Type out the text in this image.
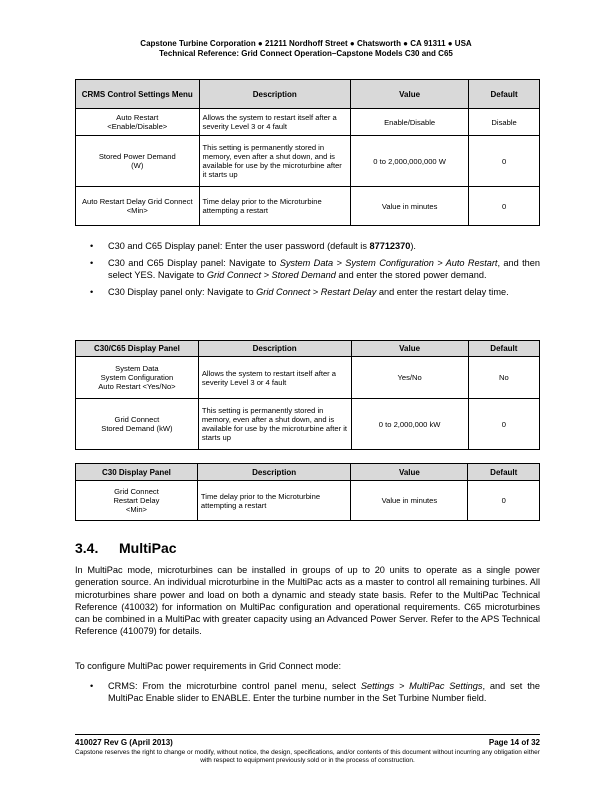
Capstone Turbine Corporation ● 21211 Nordhoff Street ● Chatsworth ● CA 91311 ● USA
Technical Reference: Grid Connect Operation–Capstone Models C30 and C65
CRMS Control Settings Menu	Description	Value	Default
Auto Restart
<Enable/Disable>	Allows the system to restart itself after a severity Level 3 or 4 fault	Enable/Disable	Disable
Stored Power Demand
(W)	This setting is permanently stored in memory, even after a shut down, and is available for use by the microturbine after it starts up	0 to 2,000,000,000 W	0
Auto Restart Delay Grid Connect
<Min>	Time delay prior to the Microturbine attempting a restart	Value in minutes	0
• C30 and C65 Display panel: Enter the user password (default is 87712370).
• C30 and C65 Display panel: Navigate to System Data > System Configuration > Auto Restart, and then select YES. Navigate to Grid Connect > Stored Demand and enter the stored power demand.
• C30 Display panel only: Navigate to Grid Connect > Restart Delay and enter the restart delay time.
C30/C65 Display Panel	Description	Value	Default
System Data
System Configuration
Auto Restart <Yes/No>	Allows the system to restart itself after a severity Level 3 or 4 fault	Yes/No	No
Grid Connect
Stored Demand (kW)	This setting is permanently stored in memory, even after a shut down, and is available for use by the microturbine after it starts up	0 to 2,000,000 kW	0
C30 Display Panel	Description	Value	Default
Grid Connect
Restart Delay
<Min>	Time delay prior to the Microturbine attempting a restart	Value in minutes	0
3.4. MultiPac

In MultiPac mode, microturbines can be installed in groups of up to 20 units to operate as a single power generation source. An individual microturbine in the MultiPac acts as a master to control all remaining turbines. All microturbines share power and load on both a dynamic and steady state basis. Refer to the MultiPac Technical Reference (410032) for information on MultiPac configuration and operational requirements. C65 microturbines can be combined in a MultiPac with greater capacity using an Advanced Power Server. Refer to the APS Technical Reference (410079) for details.

To configure MultiPac power requirements in Grid Connect mode:

• CRMS: From the microturbine control panel menu, select Settings > MultiPac Settings, and set the MultiPac Enable slider to ENABLE. Enter the turbine number in the Set Turbine Number field.
410027 Rev G (April 2013)	Page 14 of 32
Capstone reserves the right to change or modify, without notice, the design, specifications, and/or contents of this document without incurring any obligation either with respect to equipment previously sold or in the process of construction.
